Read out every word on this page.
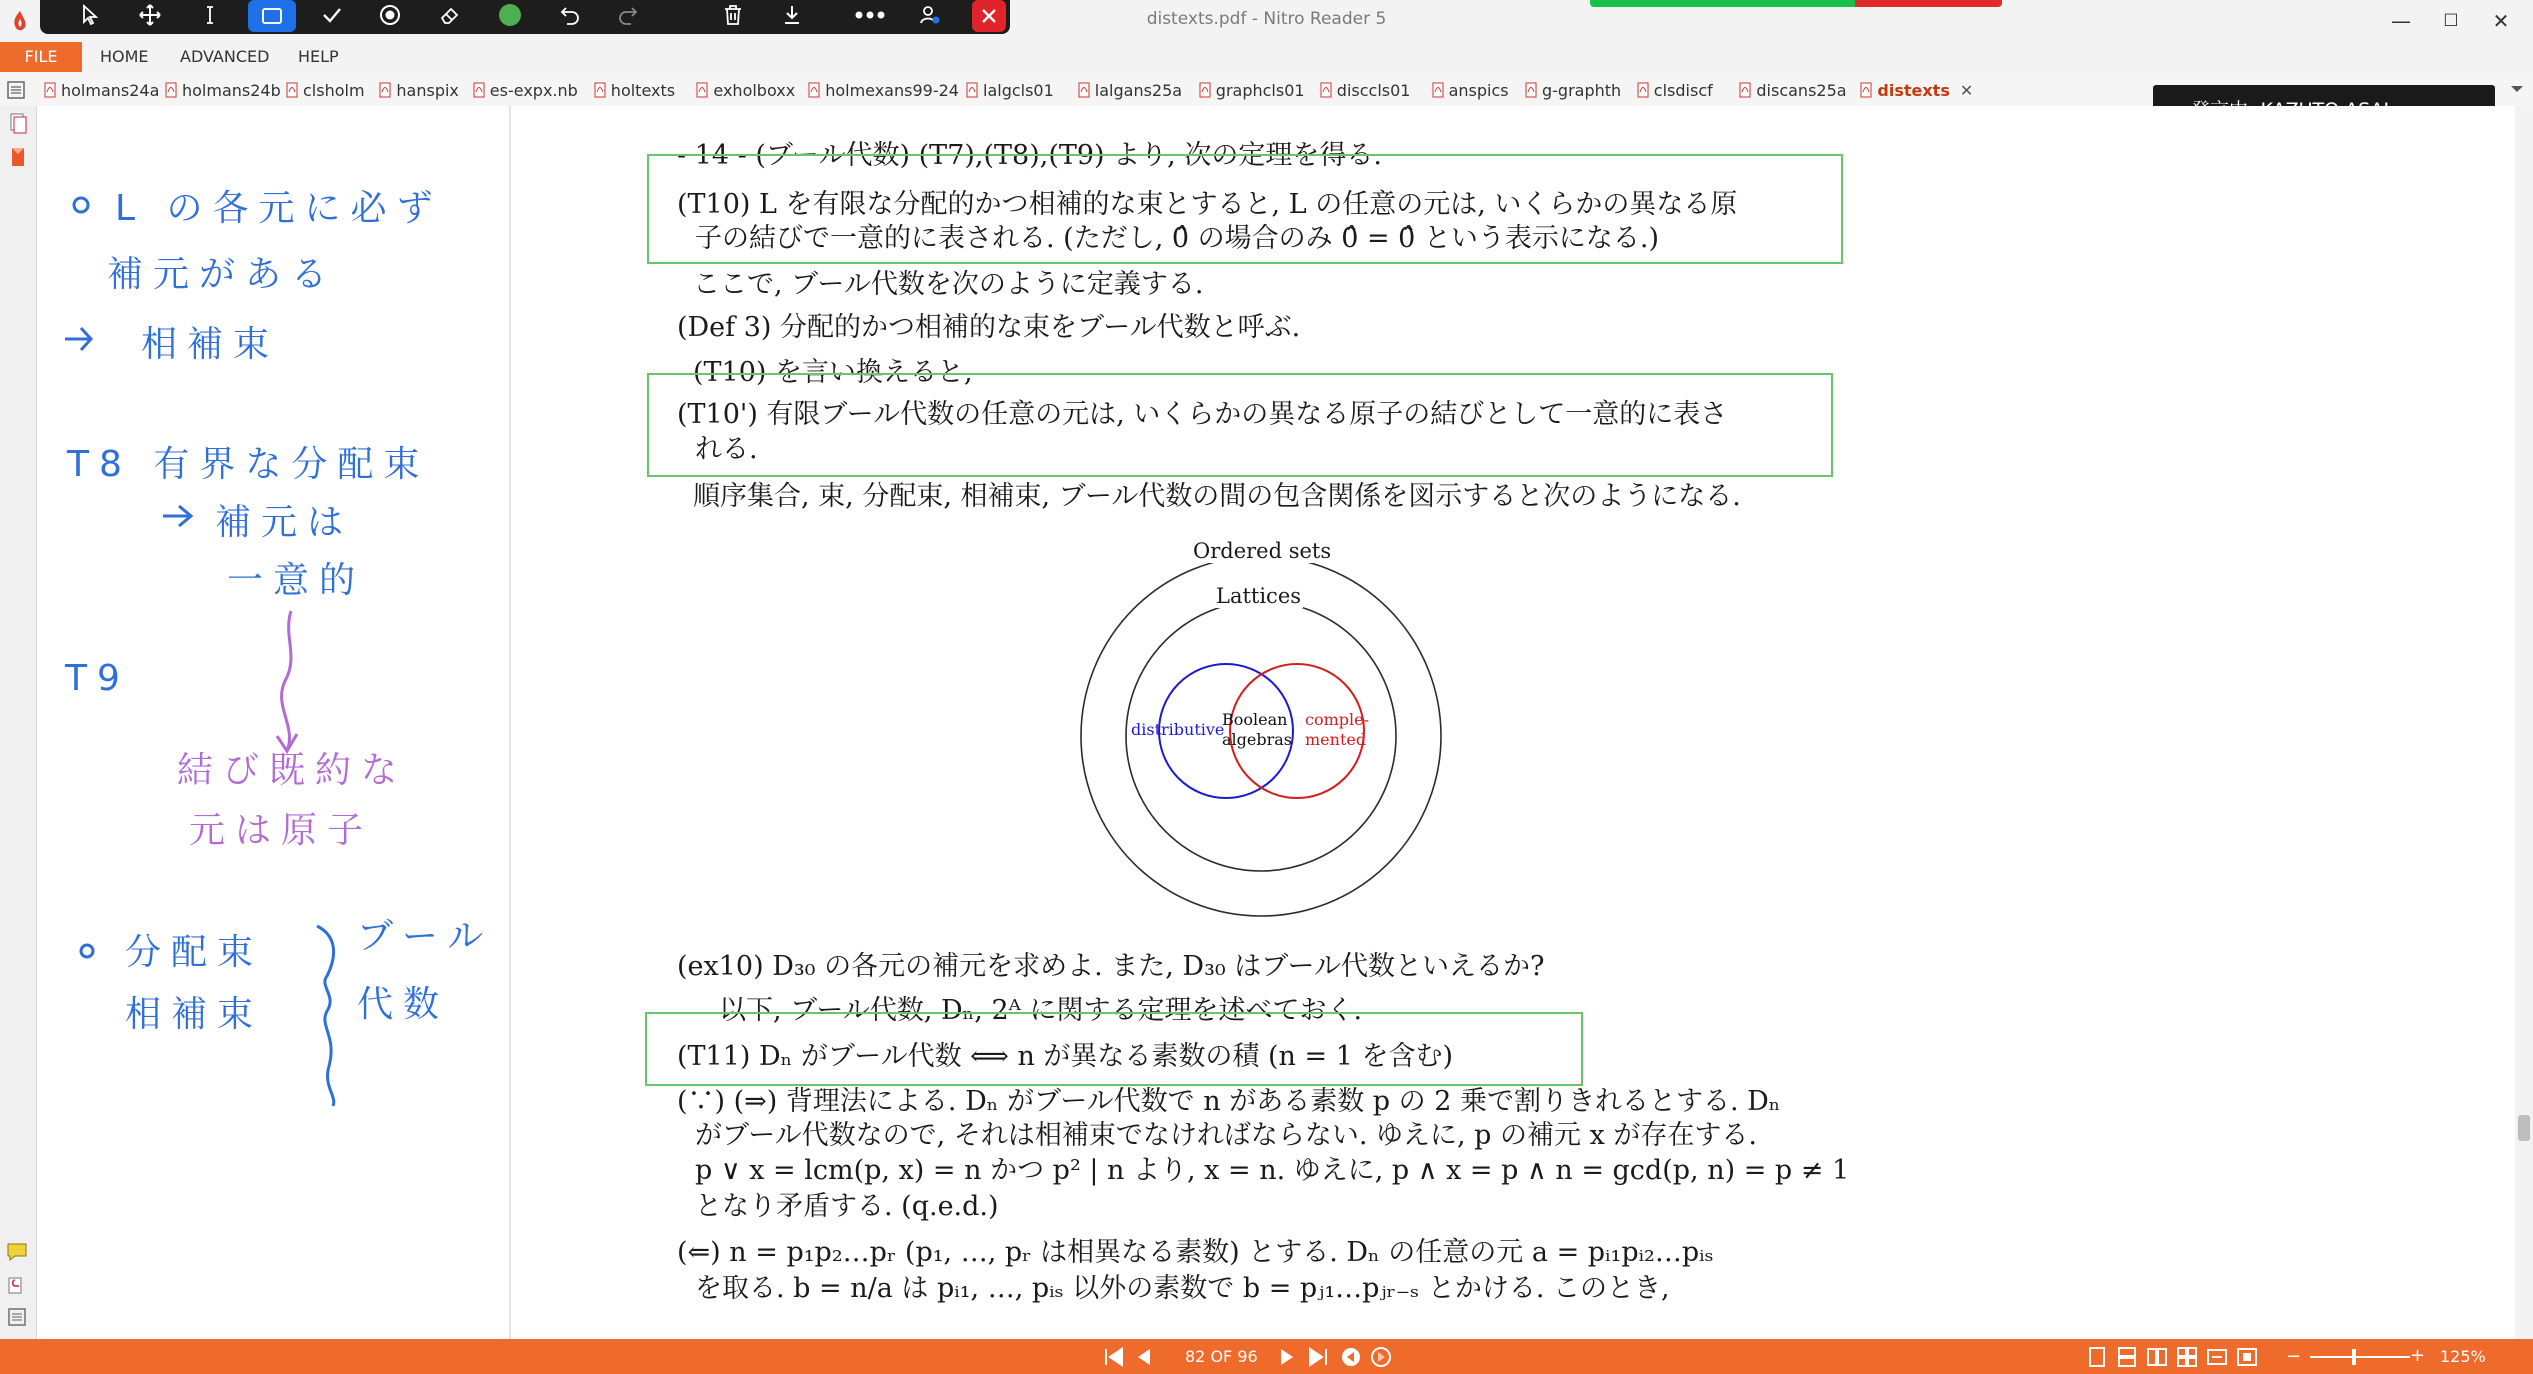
distexts.pdf - Nitro Reader 5	—	☐	✕
FILE	HOME ADVANCED HELP
holmans24a holmans24b clsholm hanspix es-expx.nb holtexts exholboxx holmexans99-24 lalgcls01	lalgans25a graphcls01 disccls01 anspics g-graphth clsdiscf	discans25a distexts ✕
L の各元に必ず
補元がある
相補束
T8 有界な分配束
補元は
一意的
T9
結び既約な
元は原子
分配束
相補束
ブール
代数
- 14 - (ブール代数) (T7),(T8),(T9) より, 次の定理を得る.
(T10) L を有限な分配的かつ相補的な束とすると, L の任意の元は, いくらかの異なる原
子の結びで一意的に表される. (ただし, 0̂ の場合のみ 0̂ = 0̂ という表示になる.)
ここで, ブール代数を次のように定義する.
(Def 3) 分配的かつ相補的な束をブール代数と呼ぶ.
(T10) を言い換えると,
(T10') 有限ブール代数の任意の元は, いくらかの異なる原子の結びとして一意的に表さ
れる.
順序集合, 束, 分配束, 相補束, ブール代数の間の包含関係を図示すると次のようになる.
Ordered sets
Lattices
distributive
Boolean
algebras
comple-
mented
(ex10) D₃₀ の各元の補元を求めよ. また, D₃₀ はブール代数といえるか?
以下, ブール代数, Dₙ, 2ᴬ に関する定理を述べておく.
(T11) Dₙ がブール代数 ⟺ n が異なる素数の積 (n = 1 を含む)
(∵) (⇒) 背理法による. Dₙ がブール代数で n がある素数 p の 2 乗で割りきれるとする. Dₙ
がブール代数なので, それは相補束でなければならない. ゆえに, p の補元 x が存在する.
p ∨ x = lcm(p, x) = n かつ p² | n より, x = n. ゆえに, p ∧ x = p ∧ n = gcd(p, n) = p ≠ 1
となり矛盾する. (q.e.d.)
(⇐) n = p₁p₂…pᵣ (p₁, …, pᵣ は相異なる素数) とする. Dₙ の任意の元 a = pᵢ₁pᵢ₂…pᵢₛ
を取る. b = n/a は pᵢ₁, …, pᵢₛ 以外の素数で b = pⱼ₁…pⱼᵣ₋ₛ とかける. このとき,
82 OF 96	−	+ 125%
